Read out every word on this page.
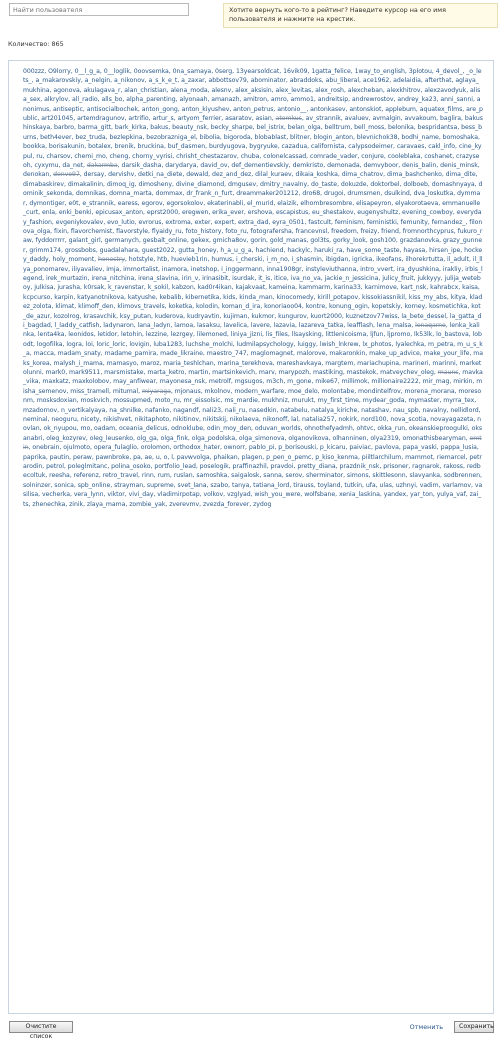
Найти пользователя
Хотите вернуть кого-то в рейтинг? Наведите курсор на его имя пользователя и нажмите на крестик.
Количество: 865
000zzz, O9lorry, 0__l_g_a, 0__loglik, 0oovsemka, 0na_samaya, 0serg, 13yearsoldcat, 16vik09, 1gatta_felice, 1way_to_english, 3plotou, 4_devol_, _o_lets_, a_makarovskiy, a_nelgin, a_nikonov, a_s_k_e_t, a_zaxar, abbottsov79, abominator, abraddoks, abu_liberal, ace1962, adelaidia, afterthat, aglaya_mukhina, agonova, akulagava_r, alan_christian, alena_moda, alesnv, alex_aksisin, alex_levitas, alex_rosh, alexcheban, alexkhitrov, alexzavodyuk, alisa_sex, alkrylov, all_radio, alls_bo, alpha_parenting, alyonaah, amanazh, amitron, amro, ammo1, andreitsip, andrewrostov, andrey_ka23, anni_sanni, anonimus, antiseptic, antisocialbochek, anton_gong, anton_kiyushev, anton_petrus, antonio__, antonkasev, antonskiot, applebum, aquatex_films, are_public, art201045, artemdragunov, artrifio, artur_s, artyom_ferrier, asaratov, asian, atomkus, av_strannik, avaluev, avmalgin, avvakoum, baglira, bakushinskaya, barbro, barma_gitt, bark_kirka, bakus, beauty_nsk, becky_sharpe, bel_istrix, belan_olga, belltrum, bell_moss, belonika, bespridantsa, bess_burns, beth4ever, bez_truda, bezlepkina, bezobrazniga_el, bibolia, bigoroda, blobablast, blitner, blogin_anton, blevnichok38, bodhi_name, bomoshaka, bookka, borisakunin, botalex, brenik, bruckina, buf_dasmen, burdyugova, bygryuke, cazadua, californista, calypsodeimer, caravaes, cakl_info, cine_kypul, ru, charsov, chemi_mo, cheng, chorny_vyrisi, chrisht_chestazarov, chuba, colonelcassad, comrade_vader, conjure, cooleblaka, coshanet, crazyseoh, cyxymu, da_net, dakarmba, darsik_dasha, darydarya, david_ov, def_dementievskiy, demkristo, demonada, demvyboor, denis_balin, denis_minsk, denokan, denvo97, dersay, dervishv, detki_na_diete, dewald, dez_and_dez, dilal_kuraev, dikaia_koshka, dima_chatrov, dima_bashchenko, dima_dite, dimabaskirev, dimakalinin, dimoq_ig, dimosheny, divine_diamond, dmgusev, dmitry_navalny, do_taste, dokuzde, doktorbel, dolboeb, domashnyaya, dominik_sekonda, domnikas, domna_marta, dommax, dr_frank_n_furt, dreammaker201212, dro68, drugoi, drumsmen, dsulkind, dva_loskutka, dymmar, dymontiger, e0t, e_strannik, earess, egorov, egorsokolov, ekaterinabli, el_murid, elaizik, elhombresombre, elisapeyron, elyakorotaeva, emmanuelle_curt, enla, enki_benki, epicusax_anton, eprst2000, eregwen, erika_ever, ershova, escapistus, eu_shestakov, eugenyshultz, evening_cowboy, everyday_fashion, evgeniykovalev, evo_lutio, evrorus, extroma, exter, expert, extra_dad, eyra_0501, fastcult, feminism, feministki, femunity, fernandez_, filonova_olga, fixin, flavorchemist, flavorstyle, flyaidy_ru, foto_history, foto_ru, fotografersha, francevnsl, freedom, freizy, friend, fromnorthcyprus, fukuro_raw, fyddorrrrr, galant_girl, germanych, gesbalt_online, gekex, gmicha8ov, gorin, gold_manas, gol3ts, gorky_look, gosh100, grazdanovka, grazy_gunner, grimm174, grossbobs, guadalahara, guest2022, gutta_honey, h_a_u_g_a, hachiend, hackylc, haruki_ra, have_some_taste, hayasa, hirsen_ipe, hockey_daddy, holy_moment, honestry, hotstyle, htb, huevieb1rin, humus, i_cherski, i_m_no, i_shasmin, ibigdan, igricka, ikeofans, ilhorekrtutta, il_adult, il_llya_ponomarev, iliyavaliev, imja, immortalist, inamora, inetshop, i_inggermann, inna1908gr, instyleviuthanna, intro_vvert, ira_dyushkina, irakliy, irbis_legend, irek_murtazin, irena_nitchina, irena_slavina, irin_v, irinasibit, isurdak, it_is, itice, iva_no_va, jackie_n_jessicina, julicy_fruit, jukkyyy, julija_weteboy, julkisa, jurasha, k0rsak, k_ravenstar, k_sokil, kabzon, kad0r4ikan, kajakvaat, kameina, kammarm, karina33, karnimove, kart_nsk, kahrabcx, kaisa, kcpcurso, karpin, katyanotnikova, katyushe, kebalib, kibernetika, kids, kinda_man, kinocomedy, kirill_potapov, kissokiassnikil, kiss_my_abs, kitya, kladez_zolota, klimat, klimoff_den, klimovs_travels, koketka, kolodin, koman_d_ira, konoriaoo04, kontre, konung_ogin, kopetskiy, korney, kosmetichka, kot_de_azur, kozolrog, krasavchik, ksy_putan, kuderova, kudryavtin, kujiman, kukmor, kungurov, kuort2000, kuznetzov77wiss, la_bete_dessel, la_gatta_di_bagdad, l_laddy_catfish, ladynaron, lana_ladyn, lamoa, lasaksu, lavelica, lavere, lazavia, lazareva_tatka, leafflash, lena_malsa, lenaqarno, lenka_kalinka, lenta4ka, leonidos, letidor, letohin, lezzine, lezrgey, lilemoned, liniya_jizni, lis_files, llsaysking, littlenicoisma, ljfun, ljpromo, lk53lk, lo_bastova, lobodt, logofilka, logra, loi, loric_loric, lovigin, luba1283, luchshe_molchi, ludmilapsychology, luiggy, lwish_lnkrew, lx_photos, lyalechka, m_petra, m_u_s_k_a, macca, madam_snaty, madame_pamira, made_likraine, maestro_747, maglomagnet, malorove, makaronkin, make_up_advice, make_your_life, maks_korea, malysh_i_mama, mamasyo, maroz, maria_teshlchan, marina_terekhova, mareshavkaya, margtem, mariachupina, marineri, marinni, marketolunni, mark0, mark9511, marsmistake, marta_ketro, martin, martsinkevich, marv, marypozh, mastiking, mastekok, matveychev_oleg, mauns, mavka_vika, maxkatz, maxkolobov, may_anfiwear, mayonesa_nsk, metrolf, mgsugos, m3ch, m_gone, mike67, millimok, millionaire2222, mir_mag, mirkin, misha_semenov, miss_tramell, mitumal, miyaraga, mjonaus, mkolnov, modern_warfare, moe_delo, molontabe, mondintelfrov, morena_morana, moresonm, mosksdoxian, moskvich, mossupmed, moto_ru, mr_eissolsic, ms_mardie, mukhniz, murukt, my_first_time, mydear_goda, mymaster, myrra_tex, mzadornov, n_vertikalyaya, na_shnilke, nafanko, nagandf, nali23, nali_ru, nasedkin, natabelu, natalya_kiriche, natashav, nau_spb, navalny, nellidlord, neminal, neoguru, nicety, nikishvet, nikitaphoto, nikitinov, nikitskij, nikolaeva, nikonoff, lal, natalia257, nokirk, nord100, nova_scotia, novayagazeta, novlan, ok_nyupou, mo, oadam, oceania_delicus, odnoklube, odin_moy_den, oduvan_worlds, ohnothefyadmh, ohtvc, okka_run, okeanskieproogulki, oksanabri, oleg_kozyrev, oleg_leusenko, olg_ga, olga_fink, olga_podolska, olga_simonova, olganovikova, olhanninen, olya2319, omonathisbearyman, omtin, onebrain, ojulmoto, opera_fulaglio, orolomon, orthodox_hater, ownorr, pablo_pi, p_borisouski, p_kicaru, paiviac, pavlova, papa_vaski, pappa_lusia, paprika, pautin, peraw, pawnbroke, pa, ae, u, o, l, pavwvolga, phaikan, plagen, p_pen_o_pemc, p_kiso_kenma, piiltlarchilum, mammot, riemarcel, petrarodin, petrol, poleglmitanc, polina_osoko, portfolio_lead, poselogik, praffinazhil, pravdoi, pretty_diana, prazdnik_nsk, prisoner, ragnarok, rakoss, redbecoltuk, reesha, referenz, retro_travel, rinn, rum, ruslan, samoshka, saigalosk, sanna, serov, sherminator, simons, skittlesonn, slavyanka, sodbrennen, solninzer, sonica, spb_online, strayman, supreme, svet_lana, szabo, tanya, tatiana_lord, tirauss, toyland, tutkin, ufa, ulas, uzhnyi, vadim, varlamov, vasilisa, vecherka, vera_lynn, viktor, vivi_day, vladimirpotap, volkov, vzglyad, wish_you_were, wolfsbane, xenia_laskina, yandex, yar_ton, yulya_vaf, zai_ts, zhenechka, zinik, zlaya_mama, zombie_yak, zverevmv, zvezda_forever, zydog
Очистите список
Отменить	Сохранить
